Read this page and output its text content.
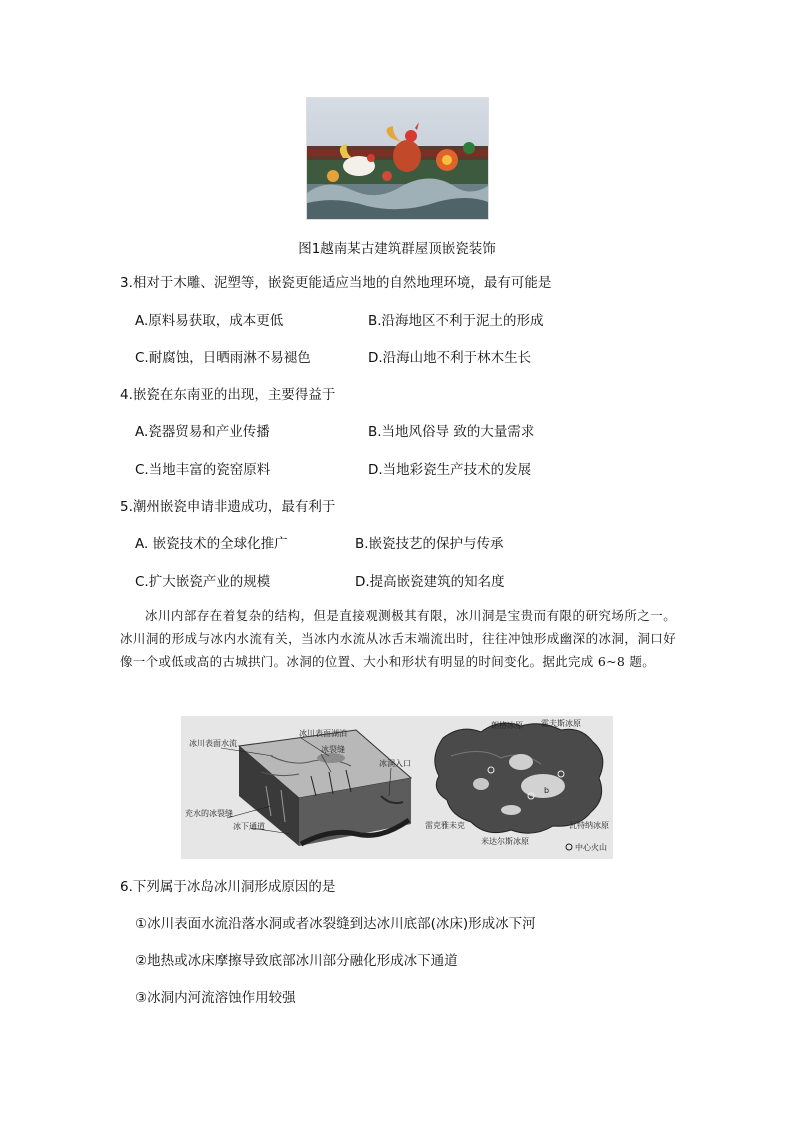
图1越南某古建筑群屋顶嵌瓷装饰
3.相对于木雕、泥塑等，嵌瓷更能适应当地的自然地理环境，最有可能是
A.原料易获取，成本更低	B.沿海地区不利于泥土的形成
C.耐腐蚀，日晒雨淋不易褪色	D.沿海山地不利于林木生长
4.嵌瓷在东南亚的出现，主要得益于
A.瓷器贸易和产业传播	B.当地风俗导 致的大量需求
C.当地丰富的瓷窑原料	D.当地彩瓷生产技术的发展
5.潮州嵌瓷申请非遗成功，最有利于
A. 嵌瓷技术的全球化推广	B.嵌瓷技艺的保护与传承
C.扩大嵌瓷产业的规模	D.提高嵌瓷建筑的知名度
冰川内部存在着复杂的结构，但是直接观测极其有限，冰川洞是宝贵而有限的研究场所之一。冰川洞的形成与冰内水流有关，当冰内水流从冰舌末端流出时，往往冲蚀形成幽深的冰洞，洞口好像一个或低或高的古城拱门。冰洞的位置、大小和形状有明显的时间变化。据此完成 6~8 题。
冰川表面水流
冰川表面湖泊
冰裂缝
冰洞入口
充水的冰裂缝
冰下通道
b
朗格冰原 霍夫斯冰原
雷克雅未克	瓦特纳冰原
米达尔斯冰原
中心火山
6.下列属于冰岛冰川洞形成原因的是
①冰川表面水流沿落水洞或者冰裂缝到达冰川底部(冰床)形成冰下河
②地热或冰床摩擦导致底部冰川部分融化形成冰下通道
③冰洞内河流溶蚀作用较强
